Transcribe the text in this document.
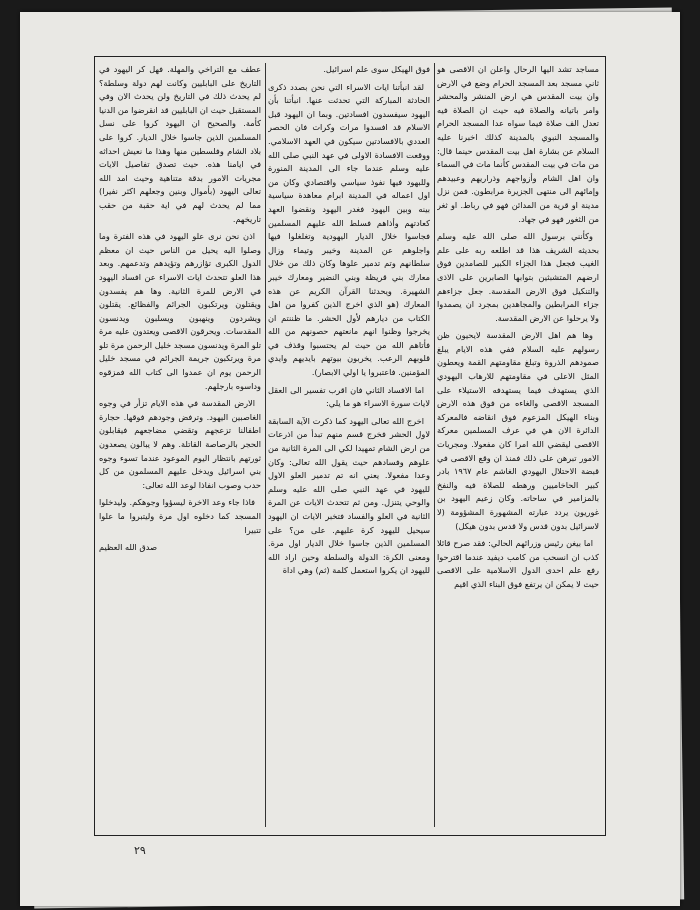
مساجد تشد اليها الرحال واعلن ان الاقصى هو ثاني مسجد بعد المسجد الحرام وضع في الارض وان بيت المقدس هي ارض المنشر والمحشر وامر باتيانه والصلاة فيه حيث ان الصلاة فيه تعدل الف صلاة فيما سواه عدا المسجد الحرام والمسجد النبوي بالمدينة كذلك اخبرنا عليه السلام عن بشارة اهل بيت المقدس حينما قال: من مات في بيت المقدس كأنما مات في السماء وان اهل الشام وأزواجهم وذراريهم وعبيدهم وإمائهم الى منتهى الجزيرة مرابطون. فمن نزل مدينة او قرية من المدائن فهو في رباط. او ثغر من الثغور فهو في جهاد.

وكأنني برسول الله صلى الله عليه وسلم بحديثه الشريف هذا قد اطلعه ربه على علم الغيب فجعل هذا الجزاء الكبير للصامدين فوق ارضهم المتشبثين بتوابها الصابرين على الاذى والتنكيل فوق الارض المقدسة. جعل جزاءهم جزاء المرابطين والمجاهدين بمجرد ان يصمدوا ولا يرحلوا عن الارض المقدسة.

وها هم اهل الارض المقدسة لايحيون ظن رسولهم عليه السلام ففي هذه الايام يبلغ صمودهم الذروة وتبلغ مقاومتهم القمة ويعطون المثل الاعلى في مقاومتهم للارهاب اليهودي الذي يستهدف فيما يستهدفه الاستيلاء على المسجد الاقصى والغاءه من فوق هذه الارض وبناء الهيكل المزعوم فوق انقاضه فالمعركة الدائرة الان هي في عرف المسلمين معركة الاقصى ليقضي الله امرا كان مفعولا. ومجريات الامور تبرهن على ذلك فمنذ ان وقع الاقصى في قبضة الاحتلال اليهودي الغاشم عام ١٩٦٧ بادر كبير الحاخاميين ورهطه للصلاة فيه والنفخ بالمزامير في ساحاته. وكان زعيم اليهود بن غوريون يردد عبارته المشهورة المشؤومة (لا لاسرائيل بدون قدس ولا قدس بدون هيكل)

اما بيغن رئيس وزرائهم الحالي: فقد صرح قائلا كذب ان انسحب من كامب ديفيد عندما اقترحوا رفع علم احدى الدول الاسلامية على الاقصى حيث لا يمكن ان يرتفع فوق البناء الذي اقيم

فوق الهيكل سوى علم اسرائيل.

لقد انبأتنا ايات الاسراء التي نحن بصدد ذكرى الحادثة المباركة التي تحدثت عنها. انبأتنا بأن اليهود سيفسدون افسادتين. وبما ان اليهود قبل الاسلام قد افسدوا مرات وكرات فان الحصر العددي بالافسادتين سيكون في العهد الاسلامي. ووقعت الافسادة الاولى في عهد النبي صلى الله عليه وسلم عندما جاء الى المدينة المنورة وللبهود فيها نفوذ سياسي واقتصادي وكان من اول اعماله في المدينة ابرام معاهدة سياسية بينه وبين اليهود فغدر اليهود ونقضوا العهد كعادتهم وأذاهم فسلط الله عليهم المسلمين فجاسوا خلال الديار اليهودية وتغلغلوا فيها واجلوهم عن المدينة وخيبر وتيماء وزال سلطانهم وتم تدمير علوها وكان ذلك من خلال معارك بني قريظة وبني النضير ومعارك خيبر الشهيرة. ويحدثنا القرآن الكريم عن هذه المعارك (هو الذي اخرج الذين كفروا من اهل الكتاب من ديارهم لأول الحشر. ما ظننتم ان يخرجوا وظنوا انهم مانعتهم حصونهم من الله فأتاهم الله من حيث لم يحتسبوا وقذف في قلوبهم الرعب. يخربون بيوتهم بايديهم وايدي المؤمنين. فاعتبروا يا اولي الابصار).

اما الافساد الثاني فان اقرب تفسير الى العقل لايات سورة الاسراء هو ما يلي:

اخرج الله تعالى اليهود كما ذكرت الآية السابقة لاول الحشر فخرج قسم منهم تبدأ من اذرعات من ارض الشام تمهيدا لكي الى المرة الثانية من علوهم وفسادهم حيث يقول الله تعالى: وكان وعدا مفعولا. يعني انه تم تدمير العلو الاول لليهود في عهد النبي صلى الله عليه وسلم والوحي يتنزل. ومن ثم تتحدث الايات عن المرة الثانية في العلو والفساد فتخبر الايات ان اليهود سيحيل لليهود كرة عليهم. على من؟ على المسلمين الذين جاسوا خلال الديار اول مرة. ومعنى الكرة: الدولة والسلطة وحين اراد الله لليهود ان يكروا استعمل كلمة (ثم) وهي اداة

عطف مع التراخي والمهلة. فهل كر اليهود في التاريخ على البابليين وكانت لهم دولة وسلطة؟ لم يحدث ذلك في التاريخ ولن يحدث الان وفي المستقبل حيث ان البابليين قد انقرضوا من الدنيا كأمة. والصحيح ان اليهود كروا على نسل المسلمين الذين جاسوا خلال الديار. كروا على بلاد الشام وفلسطين منها وهذا ما نعيش احداثه في ايامنا هذه. حيث تصدق تفاصيل الايات مجريات الامور بدقة متناهية وحيث امد الله تعالى اليهود (بأموال وبنين وجعلهم اكثر نفيرا) مما لم يحدث لهم في اية حقبة من حقب تاريخهم.

اذن نحن نرى علو اليهود في هذه الفترة وما وصلوا اليه يحيل من الناس حيث ان معظم الدول الكبرى تؤازرهم وتؤيدهم وتدعمهم. وبعد هذا العلو تتحدث ايات الاسراء عن افساد اليهود في الارض للمرة الثانية. وها هم يفسدون ويقتلون ويرتكبون الجرائم والفظائع. يقتلون ويشردون وينهبون ويسلبون ويدنسون المقدسات. ويحرقون الاقصى ويعتدون عليه مرة تلو المرة ويدنسون مسجد خليل الرحمن مرة تلو مرة ويرتكبون جريمة الجرائم في مسجد خليل الرحمن يوم ان عمدوا الى كتاب الله فمزقوه وداسوه بارجلهم.

الارض المقدسة في هذه الايام تزأر في وجوه الغاصبين اليهود. وترفض وجودهم فوقها. حجارة اطفالنا تزعجهم وتقضي مضاجعهم فيقابلون الحجر بالرصاصة القاتلة. وهم لا يبالون يصعدون ثورتهم بانتظار اليوم الموعود عندما تسوء وجوه بني اسرائيل ويدخل عليهم المسلمون من كل حدب وصوب انفاذا لوعد الله تعالى:

فاذا جاء وعد الاخرة ليسؤوا وجوهكم. وليدخلوا المسجد كما دخلوه اول مرة وليتبروا ما علوا تتبيرا

صدق الله العظيم

٢٩
